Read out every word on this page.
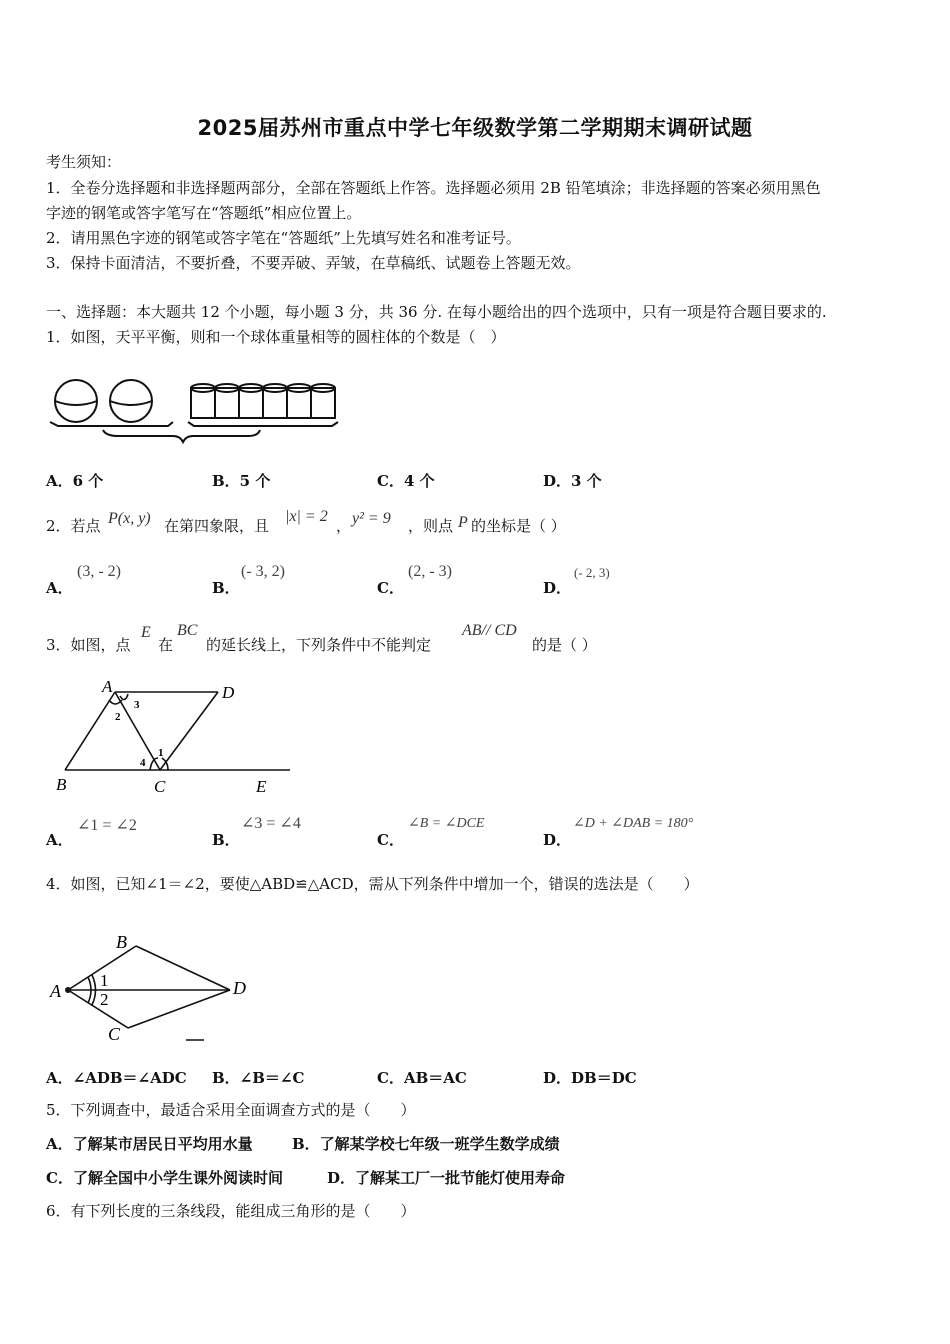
2025届苏州市重点中学七年级数学第二学期期末调研试题
考生须知：
1．全卷分选择题和非选择题两部分，全部在答题纸上作答。选择题必须用 2B 铅笔填涂；非选择题的答案必须用黑色
字迹的钢笔或答字笔写在“答题纸”相应位置上。
2．请用黑色字迹的钢笔或答字笔在“答题纸”上先填写姓名和准考证号。
3．保持卡面清洁，不要折叠，不要弄破、弄皱，在草稿纸、试题卷上答题无效。
一、选择题：本大题共 12 个小题，每小题 3 分，共 36 分. 在每小题给出的四个选项中，只有一项是符合题目要求的.
1．如图，天平平衡，则和一个球体重量相等的圆柱体的个数是（　）
A．6 个	B．5 个	C．4 个	D．3 个
2．若点 P(x, y) 在第四象限，且
|x| = 2
， y² = 9 ，则点 P 的坐标是（ ）
A．
(3, - 2)
B．
(- 3, 2)
C．
(2, - 3)
D．
(- 2, 3)
3．如图，点
E
在
BC
的延长线上，下列条件中不能判定
AB// CD
的是（ ）
A	D
B	C	E
1
2
3
4
A．
∠1 = ∠2
B．
∠3 = ∠4
C．
∠B = ∠DCE
D．
∠D + ∠DAB = 180°
4．如图，已知∠1＝∠2，要使△ABD≌△ACD，需从下列条件中增加一个，错误的选法是（　　）
A
B
C
D
1
2
A．∠ADB＝∠ADC B．∠B＝∠C	C．AB＝AC	D．DB＝DC
5．下列调查中，最适合采用全面调查方式的是（　　）
A．了解某市居民日平均用水量	B．了解某学校七年级一班学生数学成绩
C．了解全国中小学生课外阅读时间	D．了解某工厂一批节能灯使用寿命
6．有下列长度的三条线段，能组成三角形的是（　　）
